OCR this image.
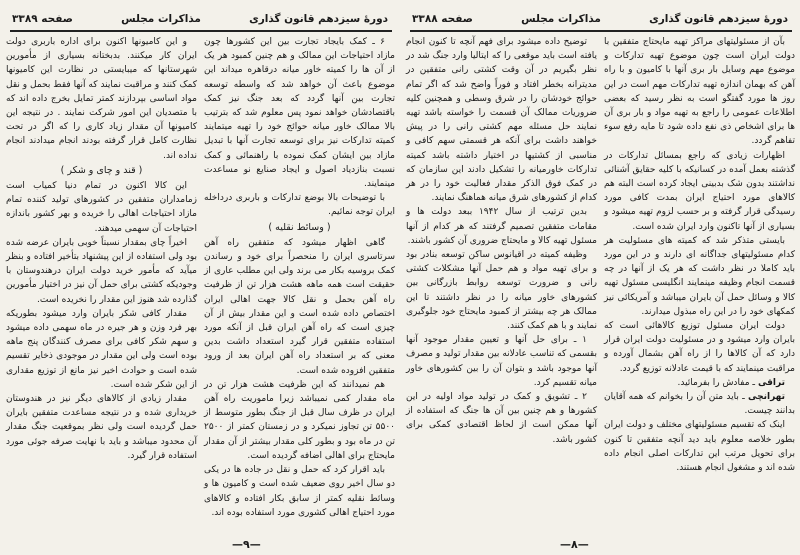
دورهٔ سیزدهم قانون گذاری
مذاکرات مجلس
صفحه ۳۳۸۹

۶ ـ کمک بایجاد تجارت بین این کشورها چون مازاد احتیاجات این ممالک و هم چنین کمبود هر یک از آن ها را کمیته خاور میانه درقاهره میداند این موضوع باعث آن خواهد شد که واسطه توسعه تجارت بین آنها گردد که بعد جنگ نیز کمک باقتصادشان خواهد نمود پس معلوم شد که بترتیب بالا ممالک خاور میانه حوائج خود را تهیه میتمایند کمیته تدارکات نیز برای توسعه تجارت آنها با تبدیل مازاد بین ایشان کمک نموده با راهنمائی و کمک نسبت بنازدیاد اصول و ایجاد صنایع نو مساعدت مینمایند.

با توضیحات بالا بوضع تدارکات و باربری درداخله ایران توجه نمائیم.

( وسائط نقلیه )

گاهی اظهار میشود که متفقین راه آهن سرتاسری ایران را منحصراً برای خود و رساندن کمک بروسیه بکار می برند ولی این مطلب عاری از حقیقت است همه ماهه هشت هزار تن از ظرفیت راه آهن بحمل و نقل کالا جهت اهالی ایران اختصاص داده شده است و این مقدار بیش از آن چیزی است که راه آهن ایران قبل از آنکه مورد استفاده متفقین قرار گیرد استعداد داشت بدین معنی که بر استعداد راه آهن ایران بعد از ورود متفقین افزوده شده است.

هم نمیدانند که این ظرفیت هشت هزار تن در ماه مقدار کمی نمیباشد زیرا ماموریت راه آهن ایران در ظرف سال قبل از جنگ بطور متوسط از ۵۵۰۰ تن تجاوز نمیکرد و در زمستان کمتر از ۲۵۰۰ تن در ماه بود و بطور کلی مقدار بیشتر از آن مقدار مایحتاج برای اهالی اضافه گردیده است.

باید اقرار کرد که حمل و نقل در جاده ها در یکی دو سال اخیر روی ضعیف شده است و کامیون ها و وسائط نقلیه کمتر از سابق بکار افتاده و کالاهای مورد احتیاج اهالی کشوری مورد استفاده بوده اند.

و این کامیونها اکنون برای اداره باربری دولت ایران کار میکنند. بدبختانه بسیاری از مأمورین شهرستانها که میبایستی در نظارت این کامیونها کمک کنند و مراقبت نمایند که آنها فقط بحمل و نقل مواد اساسی بپردازند کمتر تمایل بخرج داده اند که با متصدیان این امور شرکت نمایند . در نتیجه این کامیونها آن مقدار زیاد کاری را که اگر در تحت نظارت کامل قرار گرفته بودند انجام میدادند انجام نداده اند.

( قند و چای و شکر )

این کالا اکنون در تمام دنیا کمیاب است زمامداران متفقین در کشورهای تولید کننده تمام مازاد احتیاجات اهالی را خریده و بهر کشور باندازه احتیاجات آن سهمی میدهند.

اخیراً چای بمقدار نسبتاً خوبی بایران عرضه شده بود ولی استفاده از این پیشنهاد بتأخیر افتاده و بنظر میآید که مأمور خرید دولت ایران درهندوستان با وجودیکه کشتی برای حمل آن نیز در اختیار مأمورین گذارده شد هنوز این مقدار را نخریده است.

مقدار کافی شکر بایران وارد میشود بطوریکه بهر فرد وزن و هر جیره در ماه سهمی داده میشود و سهم شکر کافی برای مصرف کنندگان پنج ماهه بوده است ولی این مقدار در موجودی ذخایر تقسیم شده است و حوادث اخیر نیز مانع از توزیع مقداری از این شکر شده است.

مقدار زیادی از کالاهای دیگر نیز در هندوستان خریداری شده و در نتیجه مساعدت متفقین بایران حمل گردیده است ولی نظر بموقعیت جنگ مقدار آن محدود میباشد و باید با نهایت صرفه جوئی مورد استفاده قرار گیرد.

—۹—
دورهٔ سیزدهم قانون گذاری
مذاکرات مجلس
صفحه ۳۳۸۸

بآن از مسئولیتهای مراکز تهیه مایحتاج متفقین با دولت ایران است چون موضوع تهیه تدارکات و موضوع مهم وسایل بار بری آنها با کامیون و با راه آهن که بهمان اندازه تهیه تدارکات مهم است در این روز ها مورد گفتگو است به نظر رسید که بعضی اطلاعات عمومی را راجع به تهیه مواد و بار بری آن ها برای اشخاص ذی نفع داده شود تا مایه رفع سوء تفاهم گردد.

اظهارات زیادی که راجع بمسائل تدارکات در گذشته بعمل آمده در کسانیکه با کلیه حقایق آشنائی نداشتند بدون شک بدبینی ایجاد کرده است البته هم کالاهای مورد احتیاج ایران بمدت کافی مورد رسیدگی قرار گرفته و بر حسب لزوم تهیه میشود و بسیاری از آنها تاکنون وارد ایران شده است.

بایستی متذکر شد که کمیته های مسئولیت هر کدام مسئولیتهای جداگانه ای دارند و در این مورد باید کاملا در نظر داشت که هر یک از آنها در چه قسمت انجام وظیفه مینمایند انگلیسی مسئول تهیه کالا و وسائل حمل آن بایران میباشد و آمریکائی نیز کمکهای خود را در این راه مبذول میدارند.

دولت ایران مسئول توزیع کالاهائی است که بایران وارد میشود و در مسئولیت دولت ایران قرار دارد که آن کالاها را از راه آهن بشمال آورده و مراقبت مینمایند که با قیمت عادلانه توزیع گردد.

تراقی ـ مفادش را بفرمائید.

تهرانچی ـ باید متن آن را بخوانم که همه آقایان بدانند چیست.

اینک که تقسیم مسئولیتهای مختلف و دولت ایران بطور خلاصه معلوم باید دید آنچه متفقین تا کنون برای تحویل مرتب این تدارکات اصلی انجام داده شده اند و مشغول انجام هستند.

توضیح داده میشود برای فهم آنچه تا کنون انجام یافته است باید موقعی را که ایتالیا وارد جنگ شد در نظر بگیریم در آن وقت کشتی رانی متفقین در مدیترانه بخطر افتاد و فوراً واضح شد که اگر تمام حوائج خودشان را در شرق وسطی و همچنین کلیه ضروریات ممالک آن قسمت را خواسته باشد تهیه نمایند حل مسئله مهم کشتی رانی را در پیش خواهند داشت برای آنکه هر قسمتی سهم کافی و مناسبی از کشتیها در اختیار داشته باشد کمیته تدارکات خاورمیانه را تشکیل دادند این سازمان که در کمک فوق الذکر مقدار فعالیت خود را در هر کدام از کشورهای شرق میانه هماهنگ نمایند.

بدین ترتیب از سال ۱۹۴۲ ببعد دولت ها و مقامات متفقین تصمیم گرفتند که هر کدام از آنها مسئول تهیه کالا و مایحتاج ضروری آن کشور باشند.

وظیفه کمیته در اقیانوس ساکن توسعه بنادر بود و برای تهیه مواد و هم حمل آنها مشکلات کشتی رانی و ضرورت توسعه روابط بازرگانی بین کشورهای خاور میانه را در نظر داشتند تا این ممالک هر چه بیشتر از کمبود مایحتاج خود جلوگیری نمایند و با هم کمک کنند.

۱ ـ برای حل آنها و تعیین مقدار موجود آنها بقسمی که تناسب عادلانه بین مقدار تولید و مصرف آنها موجود باشد و بتوان آن را بین کشورهای خاور میانه تقسیم کرد.

۲ ـ تشویق و کمک در تولید مواد اولیه در این کشورها و هم چنین بین آن ها جنگ که استفاده از آنها ممکن است از لحاظ اقتصادی کمکی برای کشور باشد.

—۸—
